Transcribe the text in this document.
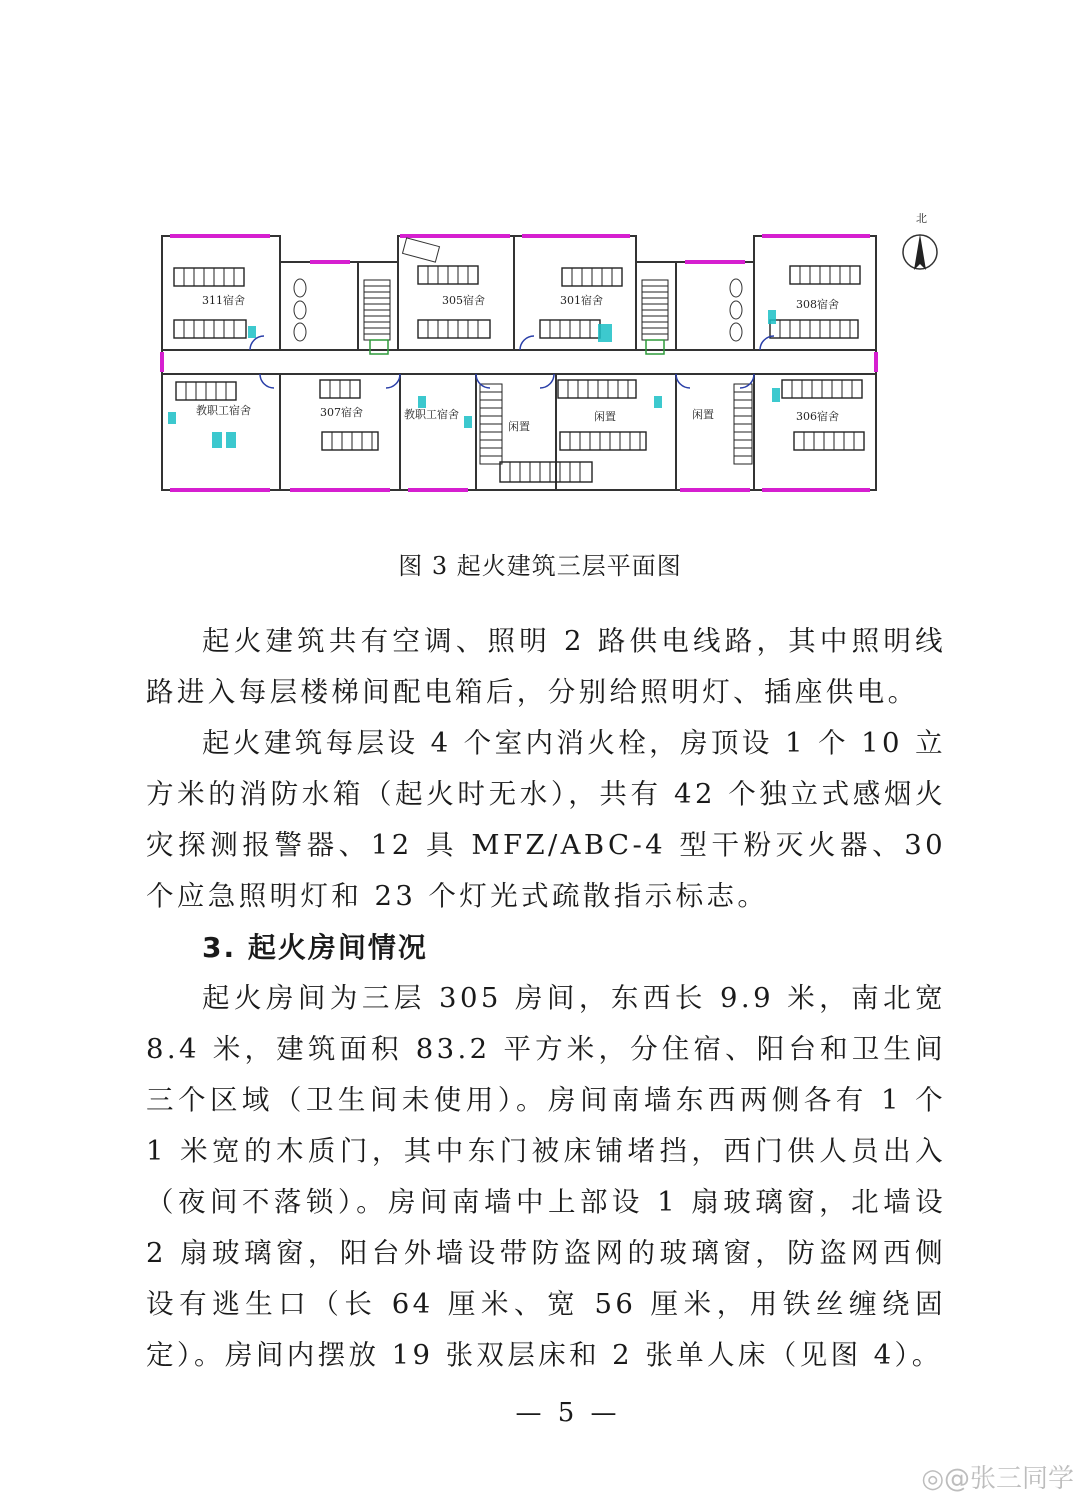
311宿舍	305宿舍	301宿舍	308宿舍
教职工宿舍	307宿舍	教职工宿舍
闲置
闲置	闲置	306宿舍
北
图 3 起火建筑三层平面图

起火建筑共有空调、照明 2 路供电线路，其中照明线路进入每层楼梯间配电箱后，分别给照明灯、插座供电。

起火建筑每层设 4 个室内消火栓，房顶设 1 个 10 立方米的消防水箱（起火时无水），共有 42 个独立式感烟火灾探测报警器、12 具 MFZ/ABC-4 型干粉灭火器、30 个应急照明灯和 23 个灯光式疏散指示标志。

3. 起火房间情况

起火房间为三层 305 房间，东西长 9.9 米，南北宽 8.4 米，建筑面积 83.2 平方米，分住宿、阳台和卫生间三个区域（卫生间未使用）。房间南墙东西两侧各有 1 个 1 米宽的木质门，其中东门被床铺堵挡，西门供人员出入（夜间不落锁）。房间南墙中上部设 1 扇玻璃窗，北墙设 2 扇玻璃窗，阳台外墙设带防盗网的玻璃窗，防盗网西侧设有逃生口（长 64 厘米、宽 56 厘米，用铁丝缠绕固定）。房间内摆放 19 张双层床和 2 张单人床（见图 4）。

— 5 —
◎@张三同学
